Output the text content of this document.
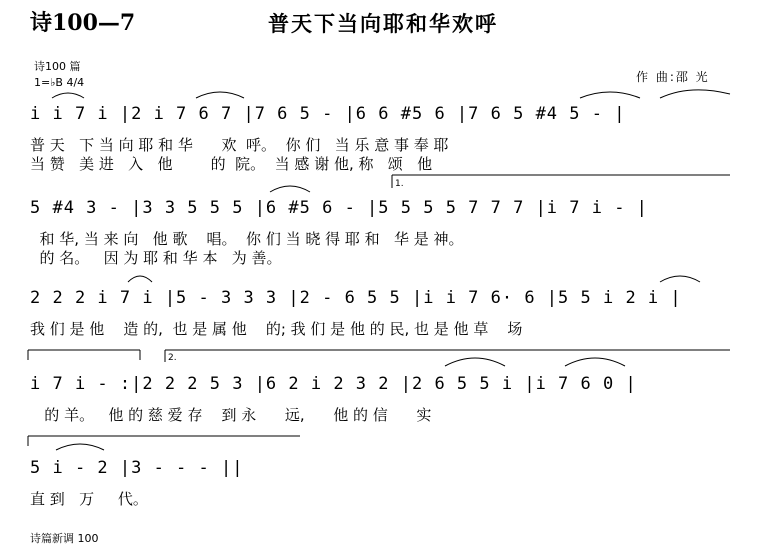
诗100—7	普天下当向耶和华欢呼
诗100 篇
1=♭B 4/4	作 曲:邵 光
i i 7 i |2 i 7 6 7 |7 6 5 - |6 6 #5 6 |7 6 5 #4 5 - |
普 天   下 当 向 耶 和 华      欢  呼。  你 们   当 乐 意 事 奉 耶
当 赞   美 进   入   他        的  院。  当 感 谢 他, 称   颂   他
5 #4 3 - |3 3 5 5 5 |6 #5 6 - |5 5 5 5 7 7 7 |i 7 i - |
和 华, 当 来 向   他 歌    唱。  你 们 当 晓 得 耶 和   华 是 神。
的 名。   因 为 耶 和 华 本   为 善。
2 2 2 i 7 i |5 - 3 3 3 |2 - 6 5 5 |i i 7 6· 6 |5 5 i 2 i |
我 们 是 他    造 的,  也 是 属 他    的; 我 们 是 他 的 民, 也 是 他 草    场
i 7 i - :|2 2 2 5 3 |6 2 i 2 3 2 |2 6 5 5 i |i 7 6 0 |
的 羊。   他 的 慈 爱 存    到 永      远,      他 的 信      实
5 i - 2 |3 - - - ||
直 到   万     代。
1.
2.
诗篇新调 100
